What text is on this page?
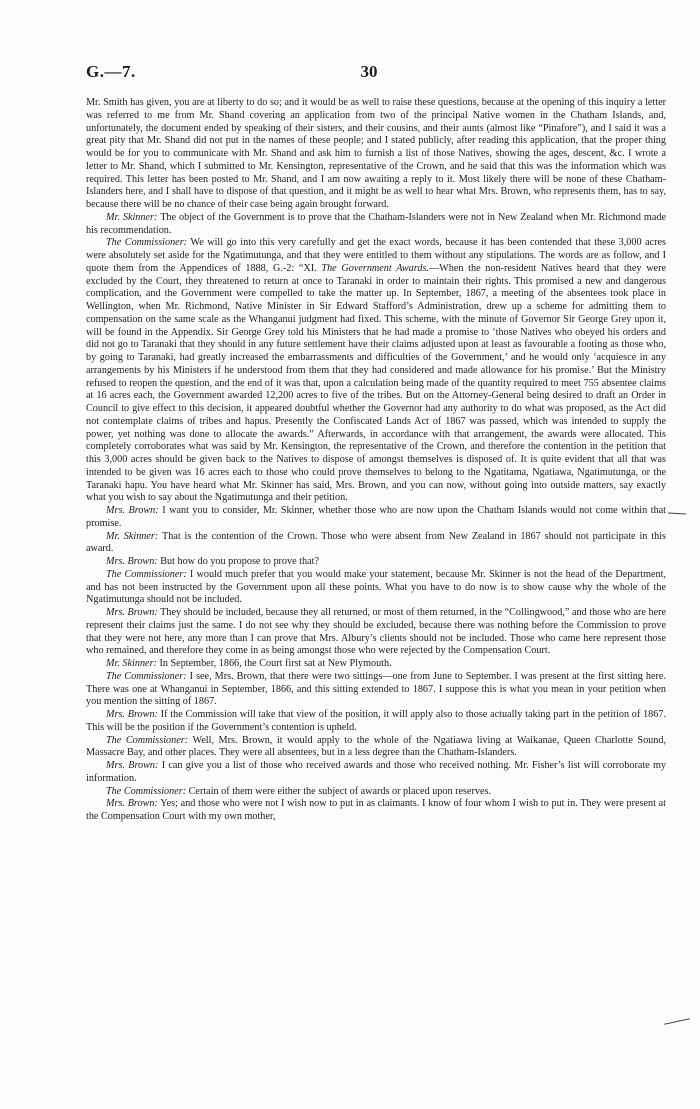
G.—7.	30

Mr. Smith has given, you are at liberty to do so; and it would be as well to raise these questions, because at the opening of this inquiry a letter was referred to me from Mr. Shand covering an application from two of the principal Native women in the Chatham Islands, and, unfortunately, the document ended by speaking of their sisters, and their cousins, and their aunts (almost like “Pinafore”), and I said it was a great pity that Mr. Shand did not put in the names of these people; and I stated publicly, after reading this application, that the proper thing would be for you to communicate with Mr. Shand and ask him to furnish a list of those Natives, showing the ages, descent, &c. I wrote a letter to Mr. Shand, which I submitted to Mr. Kensington, representative of the Crown, and he said that this was the information which was required. This letter has been posted to Mr. Shand, and I am now awaiting a reply to it. Most likely there will be none of these Chatham-Islanders here, and I shall have to dispose of that question, and it might be as well to hear what Mrs. Brown, who represents them, has to say, because there will be no chance of their case being again brought forward.

Mr. Skinner: The object of the Government is to prove that the Chatham-Islanders were not in New Zealand when Mr. Richmond made his recommendation.

The Commissioner: We will go into this very carefully and get the exact words, because it has been contended that these 3,000 acres were absolutely set aside for the Ngatimutunga, and that they were entitled to them without any stipulations. The words are as follow, and I quote them from the Appendices of 1888, G.-2: “XI. The Government Awards.—When the non-resident Natives heard that they were excluded by the Court, they threatened to return at once to Taranaki in order to maintain their rights. This promised a new and dangerous complication, and the Government were compelled to take the matter up. In September, 1867, a meeting of the absentees took place in Wellington, when Mr. Richmond, Native Minister in Sir Edward Stafford’s Administration, drew up a scheme for admitting them to compensation on the same scale as the Whanganui judgment had fixed. This scheme, with the minute of Governor Sir George Grey upon it, will be found in the Appendix. Sir George Grey told his Ministers that he had made a promise to ‘those Natives who obeyed his orders and did not go to Taranaki that they should in any future settlement have their claims adjusted upon at least as favourable a footing as those who, by going to Taranaki, had greatly increased the embarrassments and difficulties of the Government,’ and he would only ‘acquiesce in any arrangements by his Ministers if he understood from them that they had considered and made allowance for his promise.’ But the Ministry refused to reopen the question, and the end of it was that, upon a calculation being made of the quantity required to meet 755 absentee claims at 16 acres each, the Government awarded 12,200 acres to five of the tribes. But on the Attorney-General being desired to draft an Order in Council to give effect to this decision, it appeared doubtful whether the Governor had any authority to do what was proposed, as the Act did not contemplate claims of tribes and hapus. Presently the Confiscated Lands Act of 1867 was passed, which was intended to supply the power, yet nothing was done to allocate the awards.” Afterwards, in accordance with that arrangement, the awards were allocated. This completely corroborates what was said by Mr. Kensington, the representative of the Crown, and therefore the contention in the petition that this 3,000 acres should be given back to the Natives to dispose of amongst themselves is disposed of. It is quite evident that all that was intended to be given was 16 acres each to those who could prove themselves to belong to the Ngatitama, Ngatiawa, Ngatimutunga, or the Taranaki hapu. You have heard what Mr. Skinner has said, Mrs. Brown, and you can now, without going into outside matters, say exactly what you wish to say about the Ngatimutunga and their petition.

Mrs. Brown: I want you to consider, Mr. Skinner, whether those who are now upon the Chatham Islands would not come within that promise.

Mr. Skinner: That is the contention of the Crown. Those who were absent from New Zealand in 1867 should not participate in this award.

Mrs. Brown: But how do you propose to prove that?

The Commissioner: I would much prefer that you would make your statement, because Mr. Skinner is not the head of the Department, and has not been instructed by the Government upon all these points. What you have to do now is to show cause why the whole of the Ngatimutunga should not be included.

Mrs. Brown: They should be included, because they all returned, or most of them returned, in the “Collingwood,” and those who are here represent their claims just the same. I do not see why they should be excluded, because there was nothing before the Commission to prove that they were not here, any more than I can prove that Mrs. Albury’s clients should not be included. Those who came here represent those who remained, and therefore they come in as being amongst those who were rejected by the Compensation Court.

Mr. Skinner: In September, 1866, the Court first sat at New Plymouth.

The Commissioner: I see, Mrs. Brown, that there were two sittings—one from June to September. I was present at the first sitting here. There was one at Whanganui in September, 1866, and this sitting extended to 1867. I suppose this is what you mean in your petition when you mention the sitting of 1867.

Mrs. Brown: If the Commission will take that view of the position, it will apply also to those actually taking part in the petition of 1867. This will be the position if the Government’s contention is upheld.

The Commissioner: Well, Mrs. Brown, it would apply to the whole of the Ngatiawa living at Waikanae, Queen Charlotte Sound, Massacre Bay, and other places. They were all absentees, but in a less degree than the Chatham-Islanders.

Mrs. Brown: I can give you a list of those who received awards and those who received nothing. Mr. Fisher’s list will corroborate my information.

The Commissioner: Certain of them were either the subject of awards or placed upon reserves.

Mrs. Brown: Yes; and those who were not I wish now to put in as claimants. I know of four whom I wish to put in. They were present at the Compensation Court with my own mother,
